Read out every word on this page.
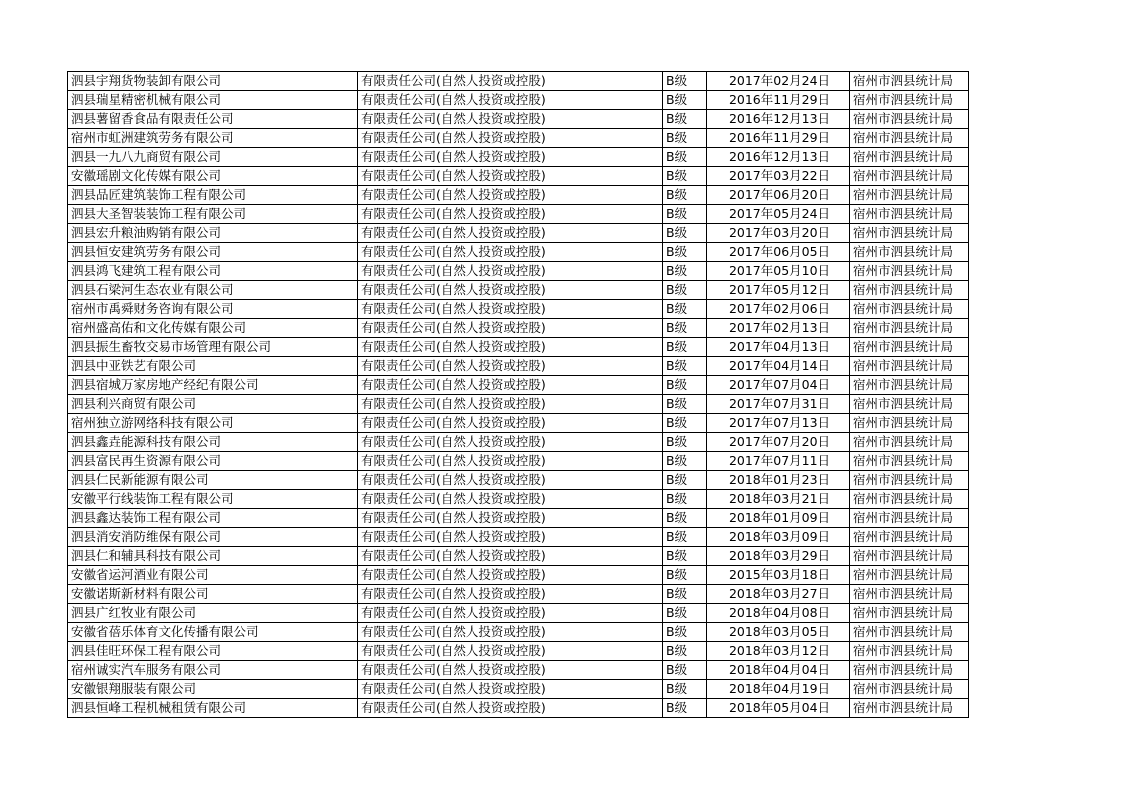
泗县宇翔货物装卸有限公司	有限责任公司(自然人投资或控股)	B级	2017年02月24日	宿州市泗县统计局
泗县瑞星精密机械有限公司	有限责任公司(自然人投资或控股)	B级	2016年11月29日	宿州市泗县统计局
泗县薯留香食品有限责任公司	有限责任公司(自然人投资或控股)	B级	2016年12月13日	宿州市泗县统计局
宿州市虹洲建筑劳务有限公司	有限责任公司(自然人投资或控股)	B级	2016年11月29日	宿州市泗县统计局
泗县一九八九商贸有限公司	有限责任公司(自然人投资或控股)	B级	2016年12月13日	宿州市泗县统计局
安徽瑶剧文化传媒有限公司	有限责任公司(自然人投资或控股)	B级	2017年03月22日	宿州市泗县统计局
泗县品匠建筑装饰工程有限公司	有限责任公司(自然人投资或控股)	B级	2017年06月20日	宿州市泗县统计局
泗县大圣智装装饰工程有限公司	有限责任公司(自然人投资或控股)	B级	2017年05月24日	宿州市泗县统计局
泗县宏升粮油购销有限公司	有限责任公司(自然人投资或控股)	B级	2017年03月20日	宿州市泗县统计局
泗县恒安建筑劳务有限公司	有限责任公司(自然人投资或控股)	B级	2017年06月05日	宿州市泗县统计局
泗县鸿飞建筑工程有限公司	有限责任公司(自然人投资或控股)	B级	2017年05月10日	宿州市泗县统计局
泗县石梁河生态农业有限公司	有限责任公司(自然人投资或控股)	B级	2017年05月12日	宿州市泗县统计局
宿州市禹舜财务咨询有限公司	有限责任公司(自然人投资或控股)	B级	2017年02月06日	宿州市泗县统计局
宿州盛高佑和文化传媒有限公司	有限责任公司(自然人投资或控股)	B级	2017年02月13日	宿州市泗县统计局
泗县振生畜牧交易市场管理有限公司	有限责任公司(自然人投资或控股)	B级	2017年04月13日	宿州市泗县统计局
泗县中亚铁艺有限公司	有限责任公司(自然人投资或控股)	B级	2017年04月14日	宿州市泗县统计局
泗县宿城万家房地产经纪有限公司	有限责任公司(自然人投资或控股)	B级	2017年07月04日	宿州市泗县统计局
泗县利兴商贸有限公司	有限责任公司(自然人投资或控股)	B级	2017年07月31日	宿州市泗县统计局
宿州独立游网络科技有限公司	有限责任公司(自然人投资或控股)	B级	2017年07月13日	宿州市泗县统计局
泗县鑫垚能源科技有限公司	有限责任公司(自然人投资或控股)	B级	2017年07月20日	宿州市泗县统计局
泗县富民再生资源有限公司	有限责任公司(自然人投资或控股)	B级	2017年07月11日	宿州市泗县统计局
泗县仁民新能源有限公司	有限责任公司(自然人投资或控股)	B级	2018年01月23日	宿州市泗县统计局
安徽平行线装饰工程有限公司	有限责任公司(自然人投资或控股)	B级	2018年03月21日	宿州市泗县统计局
泗县鑫达装饰工程有限公司	有限责任公司(自然人投资或控股)	B级	2018年01月09日	宿州市泗县统计局
泗县消安消防维保有限公司	有限责任公司(自然人投资或控股)	B级	2018年03月09日	宿州市泗县统计局
泗县仁和辅具科技有限公司	有限责任公司(自然人投资或控股)	B级	2018年03月29日	宿州市泗县统计局
安徽省运河酒业有限公司	有限责任公司(自然人投资或控股)	B级	2015年03月18日	宿州市泗县统计局
安徽诺斯新材料有限公司	有限责任公司(自然人投资或控股)	B级	2018年03月27日	宿州市泗县统计局
泗县广红牧业有限公司	有限责任公司(自然人投资或控股)	B级	2018年04月08日	宿州市泗县统计局
安徽省蓓乐体育文化传播有限公司	有限责任公司(自然人投资或控股)	B级	2018年03月05日	宿州市泗县统计局
泗县佳旺环保工程有限公司	有限责任公司(自然人投资或控股)	B级	2018年03月12日	宿州市泗县统计局
宿州诚实汽车服务有限公司	有限责任公司(自然人投资或控股)	B级	2018年04月04日	宿州市泗县统计局
安徽银翔服装有限公司	有限责任公司(自然人投资或控股)	B级	2018年04月19日	宿州市泗县统计局
泗县恒峰工程机械租赁有限公司	有限责任公司(自然人投资或控股)	B级	2018年05月04日	宿州市泗县统计局
